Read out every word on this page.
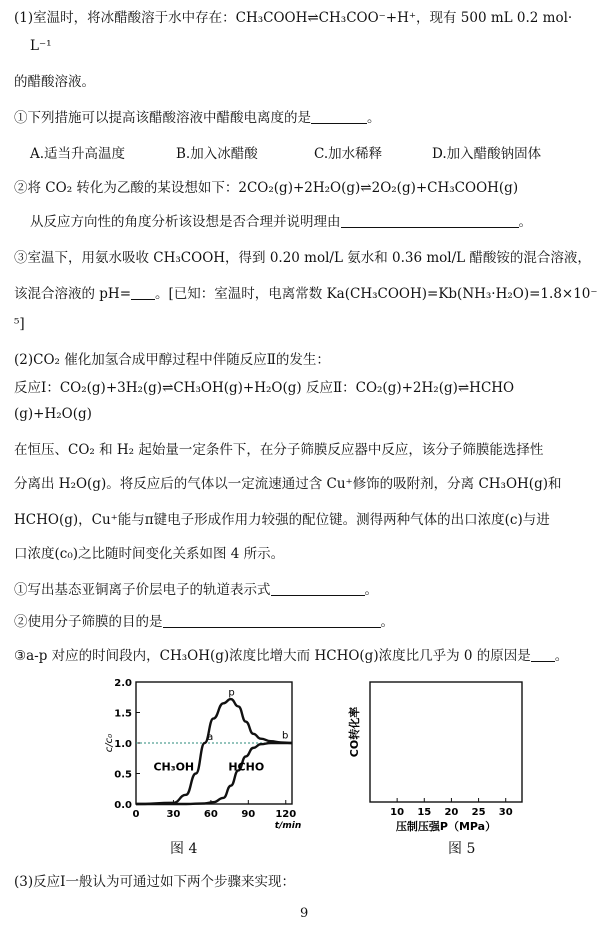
(1)室温时，将冰醋酸溶于水中存在：CH₃COOH⇌CH₃COO⁻+H⁺，现有 500 mL 0.2 mol·
L⁻¹
的醋酸溶液。
①下列措施可以提高该醋酸溶液中醋酸电离度的是	。
A.适当升高温度	B.加入冰醋酸	C.加水稀释	D.加入醋酸钠固体
②将 CO₂ 转化为乙酸的某设想如下：2CO₂(g)+2H₂O(g)⇌2O₂(g)+CH₃COOH(g)
从反应方向性的角度分析该设想是否合理并说明理由	。
③室温下，用氨水吸收 CH₃COOH，得到 0.20 mol/L 氨水和 0.36 mol/L 醋酸铵的混合溶液，
该混合溶液的 pH= 。[已知：室温时，电离常数 Ka(CH₃COOH)=Kb(NH₃·H₂O)=1.8×10⁻
⁵]
(2)CO₂ 催化加氢合成甲醇过程中伴随反应Ⅱ的发生：
反应Ⅰ：CO₂(g)+3H₂(g)⇌CH₃OH(g)+H₂O(g) 反应Ⅱ：CO₂(g)+2H₂(g)⇌HCHO
(g)+H₂O(g)
在恒压、CO₂ 和 H₂ 起始量一定条件下，在分子筛膜反应器中反应，该分子筛膜能选择性
分离出 H₂O(g)。将反应后的气体以一定流速通过含 Cu⁺修饰的吸附剂，分离 CH₃OH(g)和
HCHO(g)，Cu⁺能与π键电子形成作用力较强的配位键。测得两种气体的出口浓度(c)与进
口浓度(c₀)之比随时间变化关系如图 4 所示。
①写出基态亚铜离子价层电子的轨道表示式	。
②使用分子筛膜的目的是	。
③a-p 对应的时间段内，CH₃OH(g)浓度比增大而 HCHO(g)浓度比几乎为 0 的原因是 。
0.0
0.5
1.0
1.5
2.0
0	30 60 90 120
t/min
c/c₀
CH₃OH	HCHO
a
p
b
图 4
10 15 20 25 30
压制压强P（MPa）
CO转化率
图 5
(3)反应Ⅰ一般认为可通过如下两个步骤来实现：
9
